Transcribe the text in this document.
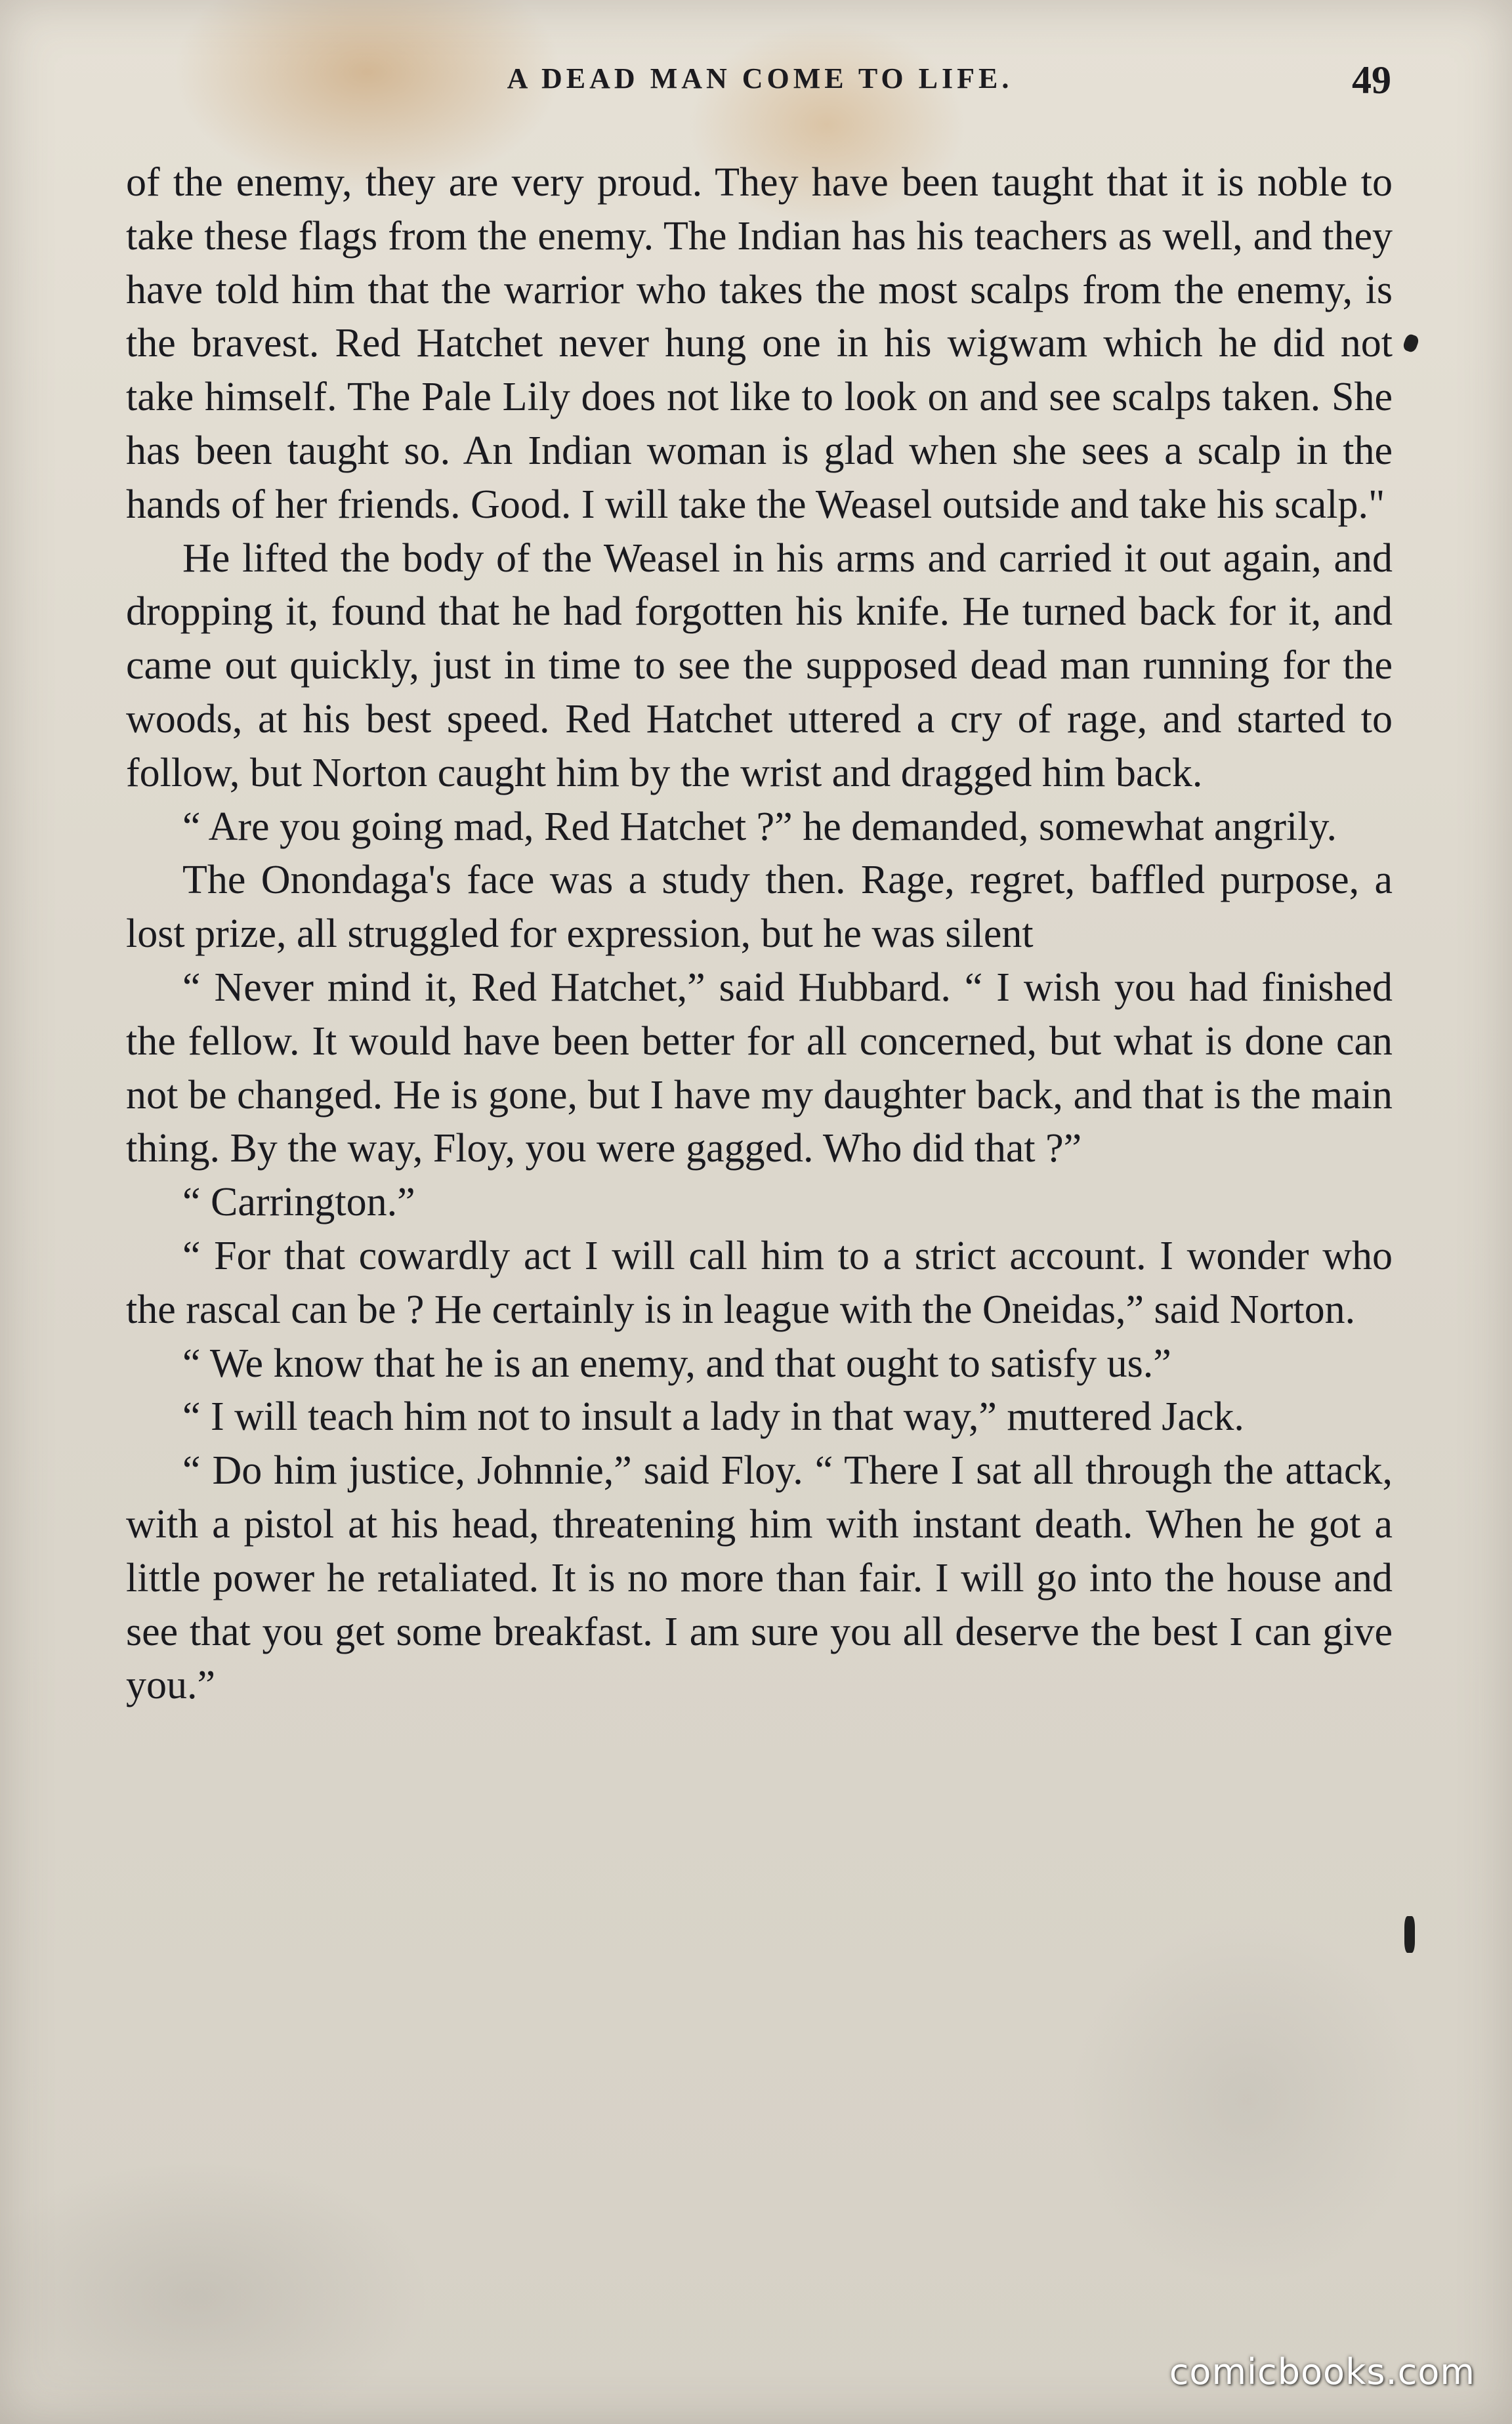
A DEAD MAN COME TO LIFE.	49

of the enemy, they are very proud. They have been taught that it is noble to take these flags from the enemy. The Indian has his teachers as well, and they have told him that the warrior who takes the most scalps from the enemy, is the bravest. Red Hatchet never hung one in his wigwam which he did not take himself. The Pale Lily does not like to look on and see scalps taken. She has been taught so. An Indian woman is glad when she sees a scalp in the hands of her friends. Good. I will take the Weasel outside and take his scalp."

He lifted the body of the Weasel in his arms and carried it out again, and dropping it, found that he had forgotten his knife. He turned back for it, and came out quickly, just in time to see the supposed dead man running for the woods, at his best speed. Red Hatchet uttered a cry of rage, and started to follow, but Norton caught him by the wrist and dragged him back.

“ Are you going mad, Red Hatchet ?” he demanded, somewhat angrily.

The Onondaga's face was a study then. Rage, regret, baffled purpose, a lost prize, all struggled for expression, but he was silent

“ Never mind it, Red Hatchet,” said Hubbard. “ I wish you had finished the fellow. It would have been better for all concerned, but what is done can not be changed. He is gone, but I have my daughter back, and that is the main thing. By the way, Floy, you were gagged. Who did that ?”

“ Carrington.”

“ For that cowardly act I will call him to a strict account. I wonder who the rascal can be ? He certainly is in league with the Oneidas,” said Norton.

“ We know that he is an enemy, and that ought to satisfy us.”

“ I will teach him not to insult a lady in that way,” muttered Jack.

“ Do him justice, Johnnie,” said Floy. “ There I sat all through the attack, with a pistol at his head, threatening him with instant death. When he got a little power he retaliated. It is no more than fair. I will go into the house and see that you get some breakfast. I am sure you all deserve the best I can give you.”

comicbooks.com
